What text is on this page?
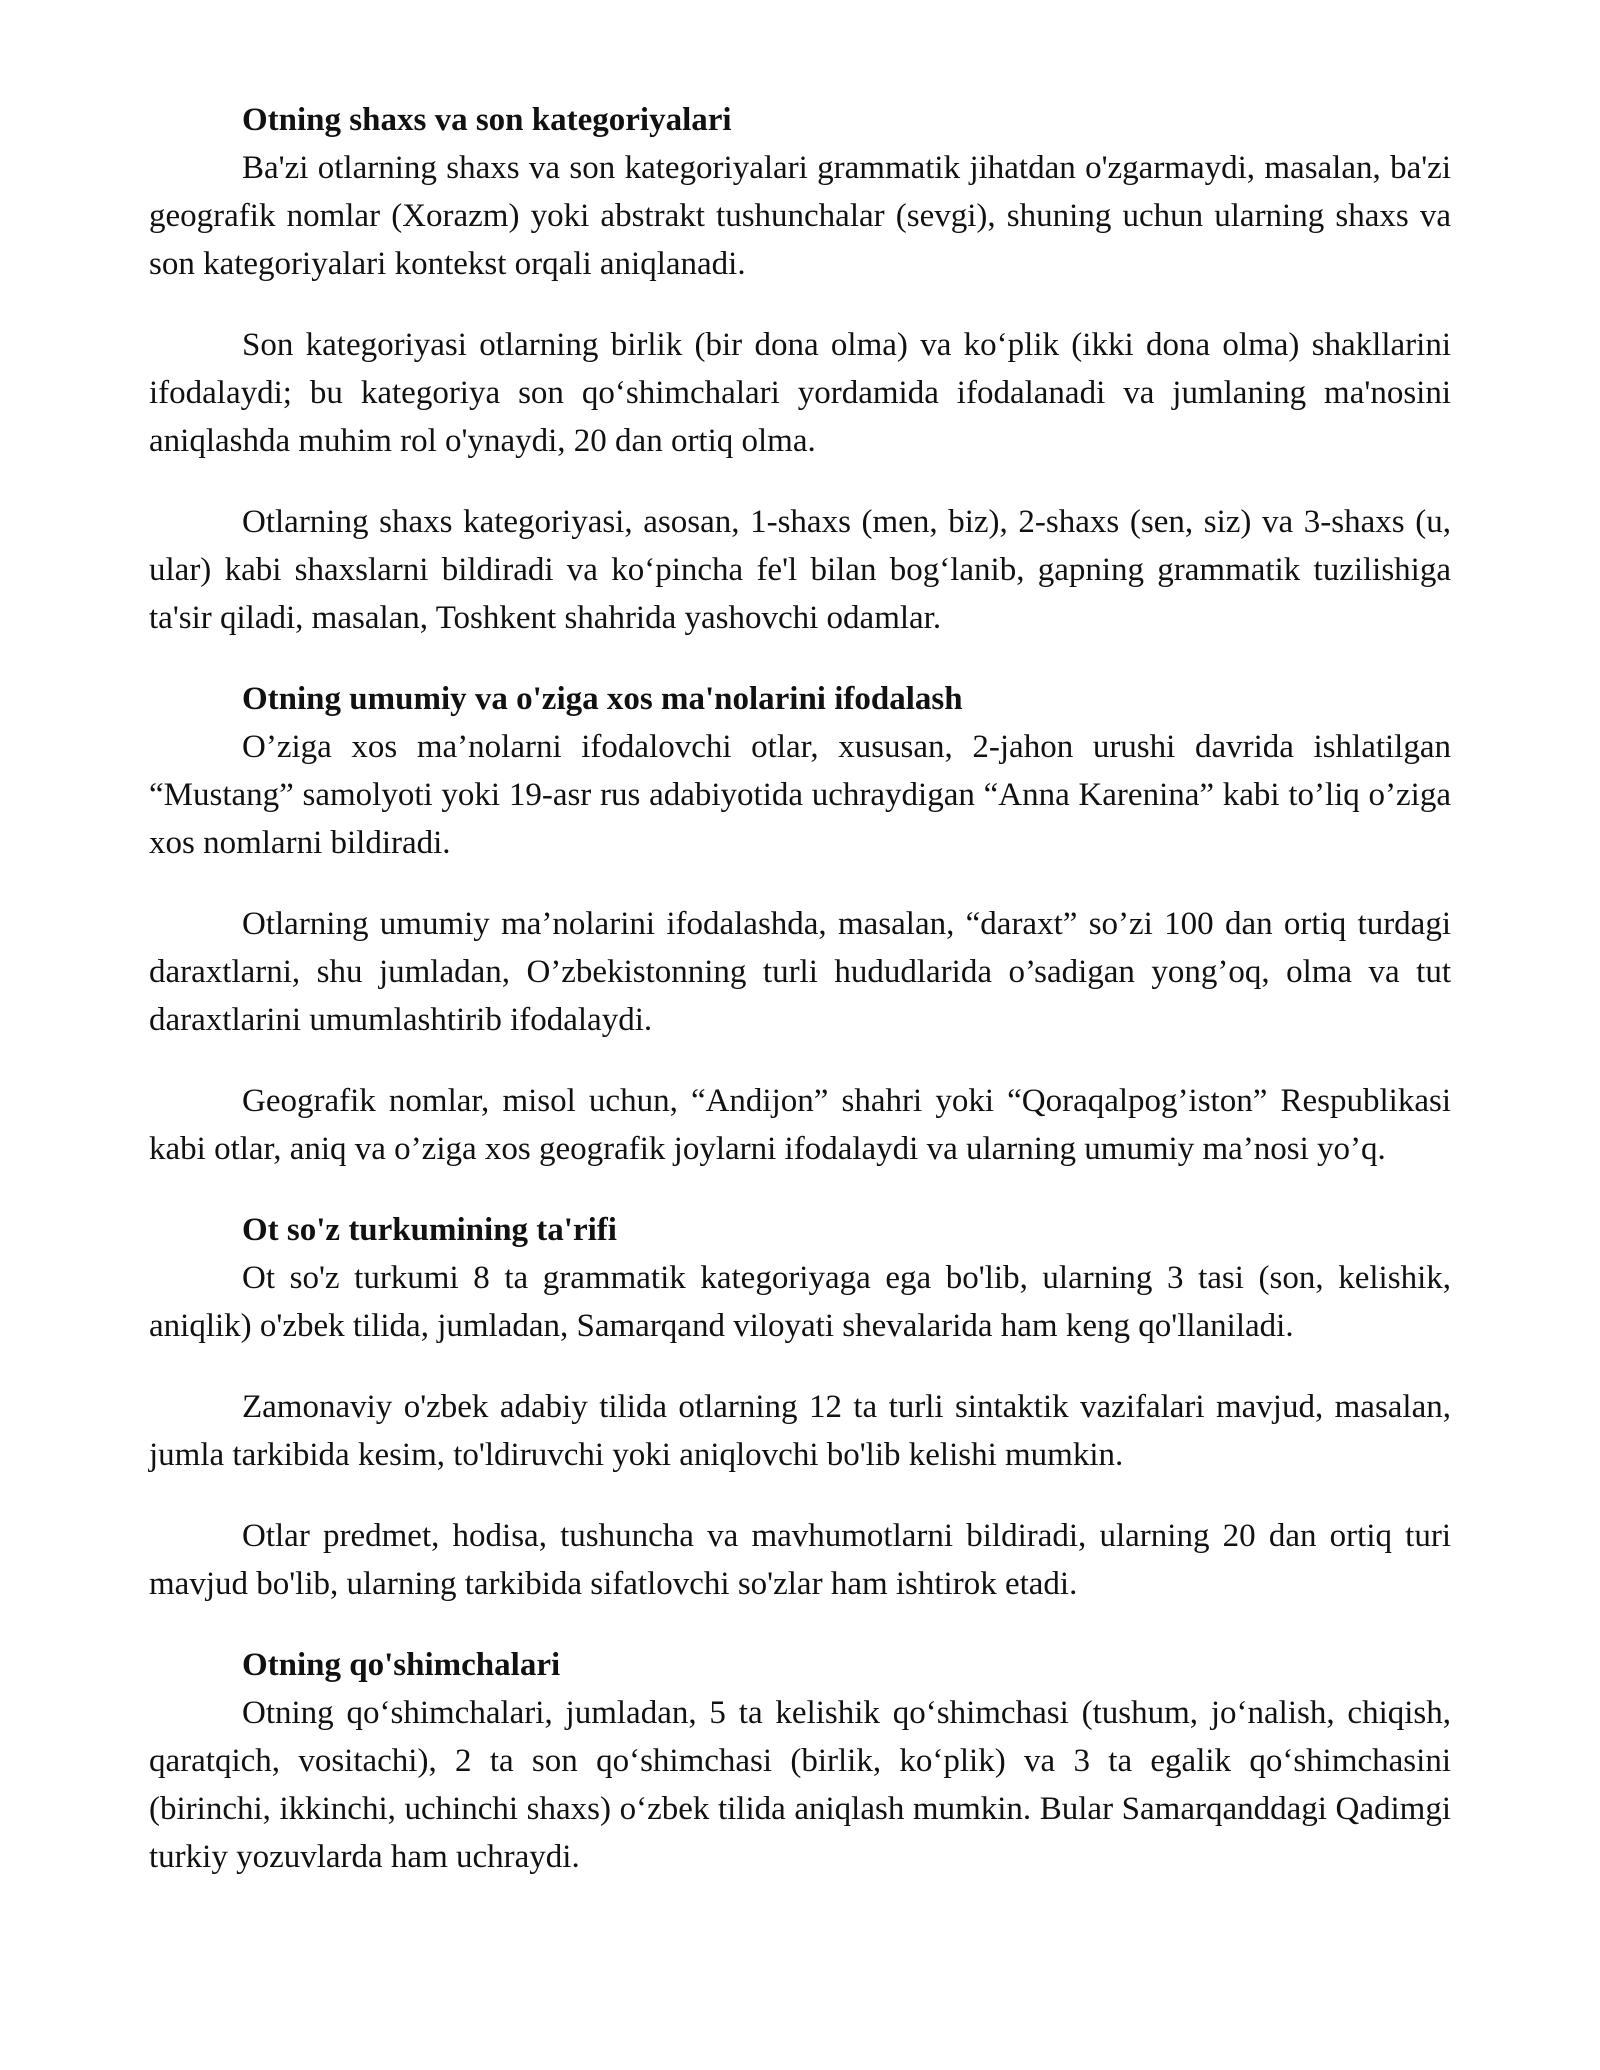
Otning shaxs va son kategoriyalari

Ba'zi otlarning shaxs va son kategoriyalari grammatik jihatdan o'zgarmaydi, masalan, ba'zi geografik nomlar (Xorazm) yoki abstrakt tushunchalar (sevgi), shuning uchun ularning shaxs va son kategoriyalari kontekst orqali aniqlanadi.

Son kategoriyasi otlarning birlik (bir dona olma) va ko‘plik (ikki dona olma) shakllarini ifodalaydi; bu kategoriya son qo‘shimchalari yordamida ifodalanadi va jumlaning ma'nosini aniqlashda muhim rol o'ynaydi, 20 dan ortiq olma.

Otlarning shaxs kategoriyasi, asosan, 1-shaxs (men, biz), 2-shaxs (sen, siz) va 3-shaxs (u, ular) kabi shaxslarni bildiradi va ko‘pincha fe'l bilan bog‘lanib, gapning grammatik tuzilishiga ta'sir qiladi, masalan, Toshkent shahrida yashovchi odamlar.

Otning umumiy va o'ziga xos ma'nolarini ifodalash

O’ziga xos ma’nolarni ifodalovchi otlar, xususan, 2-jahon urushi davrida ishlatilgan “Mustang” samolyoti yoki 19-asr rus adabiyotida uchraydigan “Anna Karenina” kabi to’liq o’ziga xos nomlarni bildiradi.

Otlarning umumiy ma’nolarini ifodalashda, masalan, “daraxt” so’zi 100 dan ortiq turdagi daraxtlarni, shu jumladan, O’zbekistonning turli hududlarida o’sadigan yong’oq, olma va tut daraxtlarini umumlashtirib ifodalaydi.

Geografik nomlar, misol uchun, “Andijon” shahri yoki “Qoraqalpog’iston” Respublikasi kabi otlar, aniq va o’ziga xos geografik joylarni ifodalaydi va ularning umumiy ma’nosi yo’q.

Ot so'z turkumining ta'rifi

Ot so'z turkumi 8 ta grammatik kategoriyaga ega bo'lib, ularning 3 tasi (son, kelishik, aniqlik) o'zbek tilida, jumladan, Samarqand viloyati shevalarida ham keng qo'llaniladi.

Zamonaviy o'zbek adabiy tilida otlarning 12 ta turli sintaktik vazifalari mavjud, masalan, jumla tarkibida kesim, to'ldiruvchi yoki aniqlovchi bo'lib kelishi mumkin.

Otlar predmet, hodisa, tushuncha va mavhumotlarni bildiradi, ularning 20 dan ortiq turi mavjud bo'lib, ularning tarkibida sifatlovchi so'zlar ham ishtirok etadi.

Otning qo'shimchalari

Otning qo‘shimchalari, jumladan, 5 ta kelishik qo‘shimchasi (tushum, jo‘nalish, chiqish, qaratqich, vositachi), 2 ta son qo‘shimchasi (birlik, ko‘plik) va 3 ta egalik qo‘shimchasini (birinchi, ikkinchi, uchinchi shaxs) o‘zbek tilida aniqlash mumkin. Bular Samarqanddagi Qadimgi turkiy yozuvlarda ham uchraydi.
